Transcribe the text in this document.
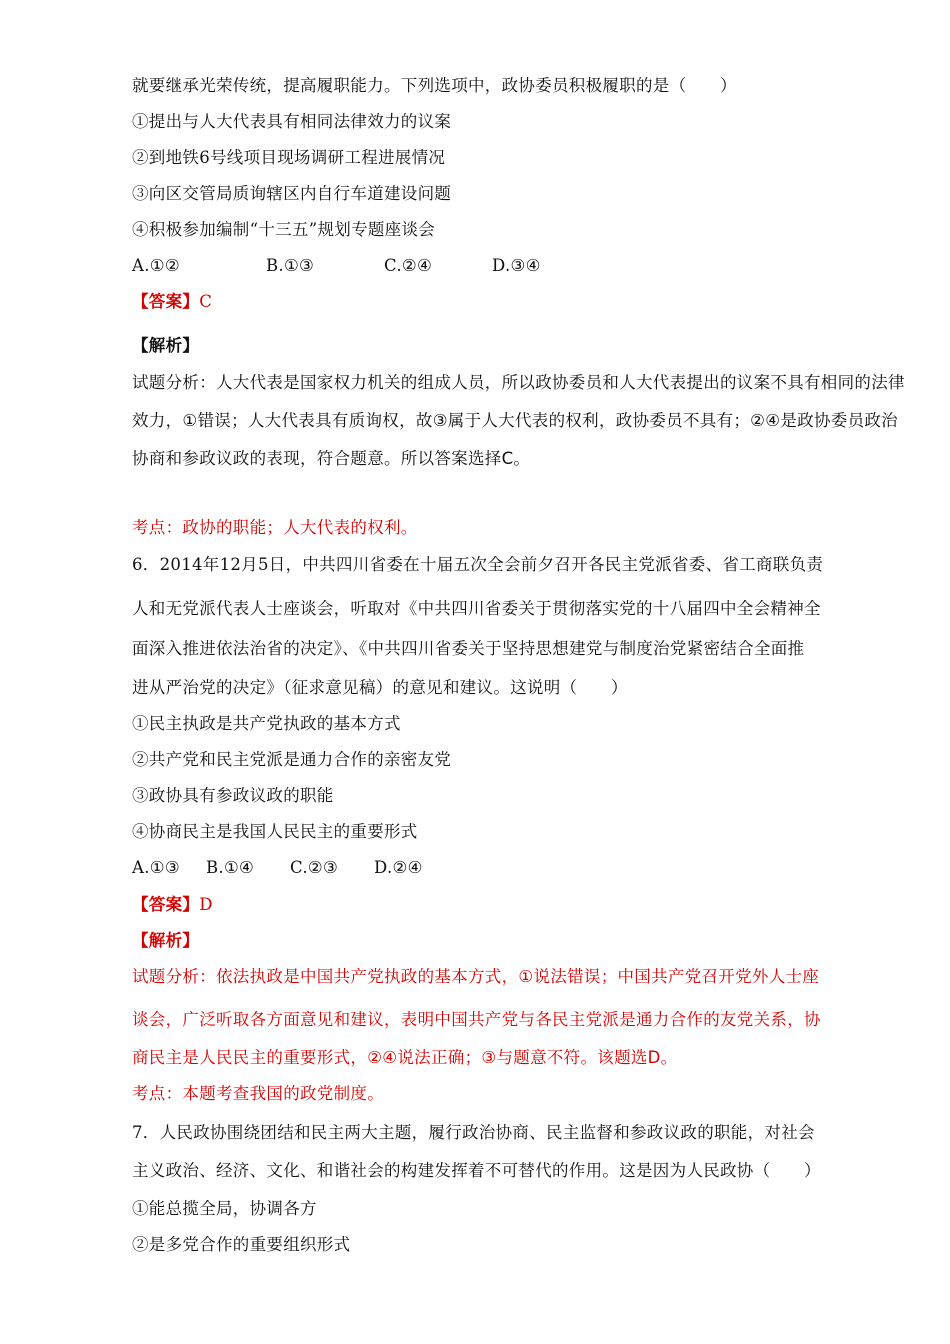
就要继承光荣传统，提高履职能力。下列选项中，政协委员积极履职的是（　　）
①提出与人大代表具有相同法律效力的议案
②到地铁6号线项目现场调研工程进展情况
③向区交管局质询辖区内自行车道建设问题
④积极参加编制“十三五”规划专题座谈会
A.①②	B.①③	C.②④	D.③④
【答案】C
【解析】
试题分析：人大代表是国家权力机关的组成人员，所以政协委员和人大代表提出的议案不具有相同的法律
效力，①错误；人大代表具有质询权，故③属于人大代表的权利，政协委员不具有；②④是政协委员政治
协商和参政议政的表现，符合题意。所以答案选择C。
考点：政协的职能；人大代表的权利。
6．2014年12月5日，中共四川省委在十届五次全会前夕召开各民主党派省委、省工商联负责
人和无党派代表人士座谈会，听取对《中共四川省委关于贯彻落实党的十八届四中全会精神全
面深入推进依法治省的决定》、《中共四川省委关于坚持思想建党与制度治党紧密结合全面推
进从严治党的决定》（征求意见稿）的意见和建议。这说明（　　）
①民主执政是共产党执政的基本方式
②共产党和民主党派是通力合作的亲密友党
③政协具有参政议政的职能
④协商民主是我国人民民主的重要形式
A.①③ B.①④ C.②③ D.②④
【答案】D
【解析】
试题分析：依法执政是中国共产党执政的基本方式，①说法错误；中国共产党召开党外人士座
谈会，广泛听取各方面意见和建议，表明中国共产党与各民主党派是通力合作的友党关系，协
商民主是人民民主的重要形式，②④说法正确；③与题意不符。该题选D。
考点：本题考查我国的政党制度。
7．人民政协围绕团结和民主两大主题，履行政治协商、民主监督和参政议政的职能，对社会
主义政治、经济、文化、和谐社会的构建发挥着不可替代的作用。这是因为人民政协（　　）
①能总揽全局，协调各方
②是多党合作的重要组织形式
